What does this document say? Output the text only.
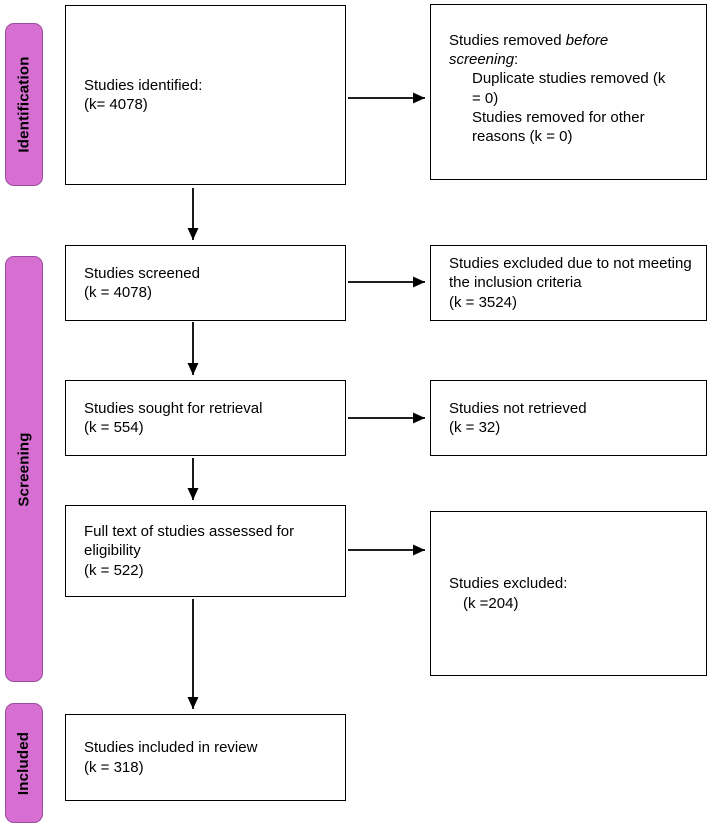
Identification
Screening
Included
Studies identified:
(k= 4078)
Studies removed before screening:
Duplicate studies removed (k = 0)
Studies removed for other reasons (k = 0)
Studies screened
(k = 4078)
Studies excluded due to not meeting the inclusion criteria
(k = 3524)
Studies sought for retrieval
(k = 554)
Studies not retrieved
(k = 32)
Full text of studies assessed for eligibility
(k = 522)
Studies excluded:
(k =204)
Studies included in review
(k = 318)
